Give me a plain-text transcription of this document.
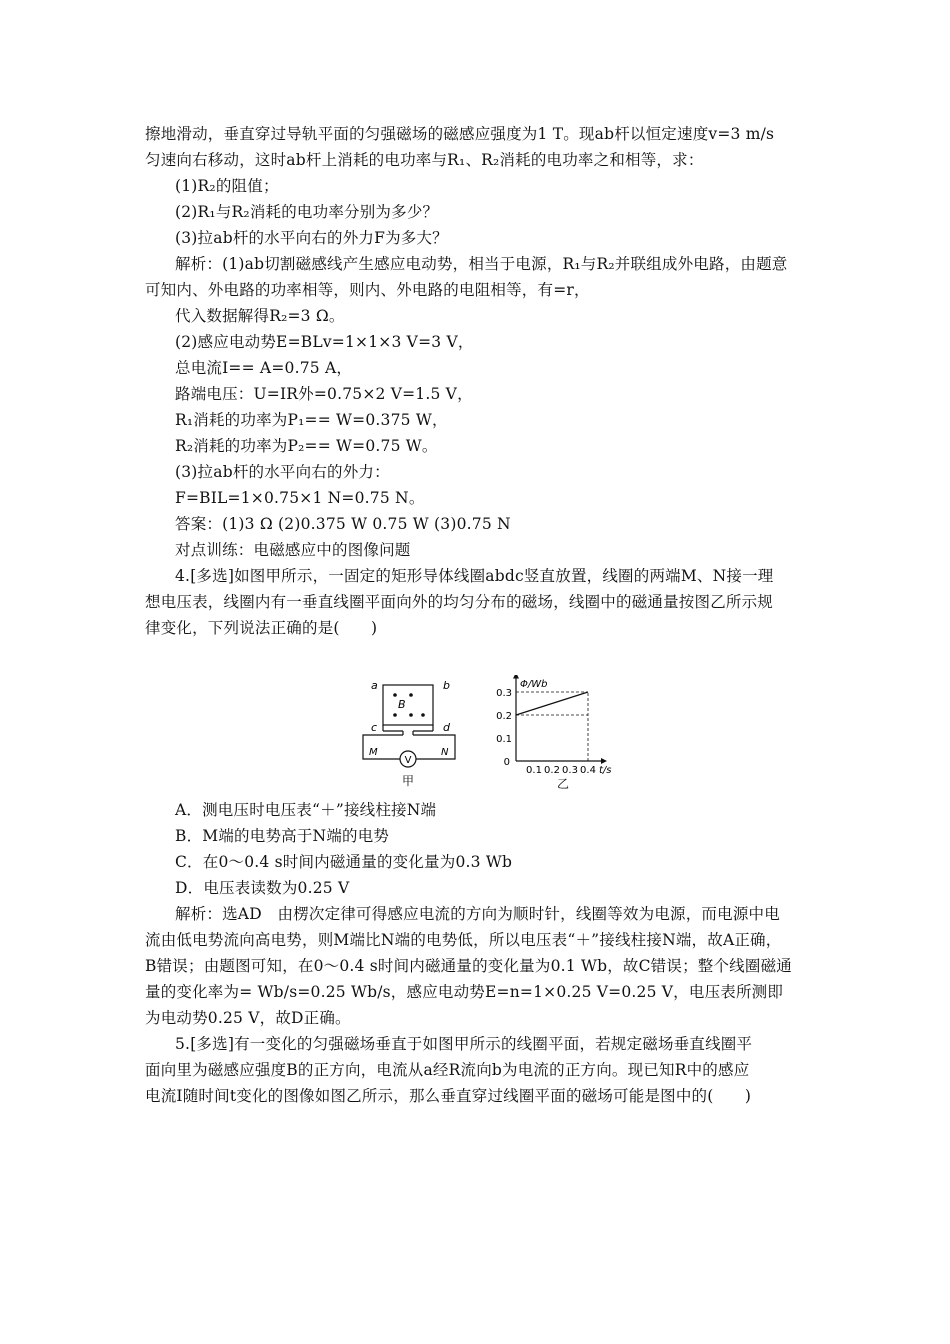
擦地滑动，垂直穿过导轨平面的匀强磁场的磁感应强度为1 T。现ab杆以恒定速度v=3 m/s
匀速向右移动，这时ab杆上消耗的电功率与R₁、R₂消耗的电功率之和相等，求：
(1)R₂的阻值；
(2)R₁与R₂消耗的电功率分别为多少？
(3)拉ab杆的水平向右的外力F为多大？
解析：(1)ab切割磁感线产生感应电动势，相当于电源，R₁与R₂并联组成外电路，由题意
可知内、外电路的功率相等，则内、外电路的电阻相等，有=r，
代入数据解得R₂=3 Ω。
(2)感应电动势E=BLv=1×1×3 V=3 V，
总电流I== A=0.75 A，
路端电压：U=IR外=0.75×2 V=1.5 V，
R₁消耗的功率为P₁== W=0.375 W，
R₂消耗的功率为P₂== W=0.75 W。
(3)拉ab杆的水平向右的外力：
F=BIL=1×0.75×1 N=0.75 N。
答案：(1)3 Ω (2)0.375 W 0.75 W (3)0.75 N
对点训练：电磁感应中的图像问题
4.[多选]如图甲所示，一固定的矩形导体线圈abdc竖直放置，线圈的两端M、N接一理
想电压表，线圈内有一垂直线圈平面向外的均匀分布的磁场，线圈中的磁通量按图乙所示规
律变化，下列说法正确的是(　　)
A．测电压时电压表“＋”接线柱接N端
B．M端的电势高于N端的电势
C．在0～0.4 s时间内磁通量的变化量为0.3 Wb
D．电压表读数为0.25 V
解析：选AD　由楞次定律可得感应电流的方向为顺时针，线圈等效为电源，而电源中电
流由低电势流向高电势，则M端比N端的电势低，所以电压表“＋”接线柱接N端，故A正确，
B错误；由题图可知，在0～0.4 s时间内磁通量的变化量为0.1 Wb，故C错误；整个线圈磁通
量的变化率为= Wb/s=0.25 Wb/s，感应电动势E=n=1×0.25 V=0.25 V，电压表所测即
为电动势0.25 V，故D正确。
5.[多选]有一变化的匀强磁场垂直于如图甲所示的线圈平面，若规定磁场垂直线圈平
面向里为磁感应强度B的正方向，电流从a经R流向b为电流的正方向。现已知R中的感应
电流I随时间t变化的图像如图乙所示，那么垂直穿过线圈平面的磁场可能是图中的(　　)
V
a	b
c	d
B
M	N
甲
0.1 0.2 0.3 0.4
0.1
0.2
0.3
0
t/s
Φ/Wb
乙
